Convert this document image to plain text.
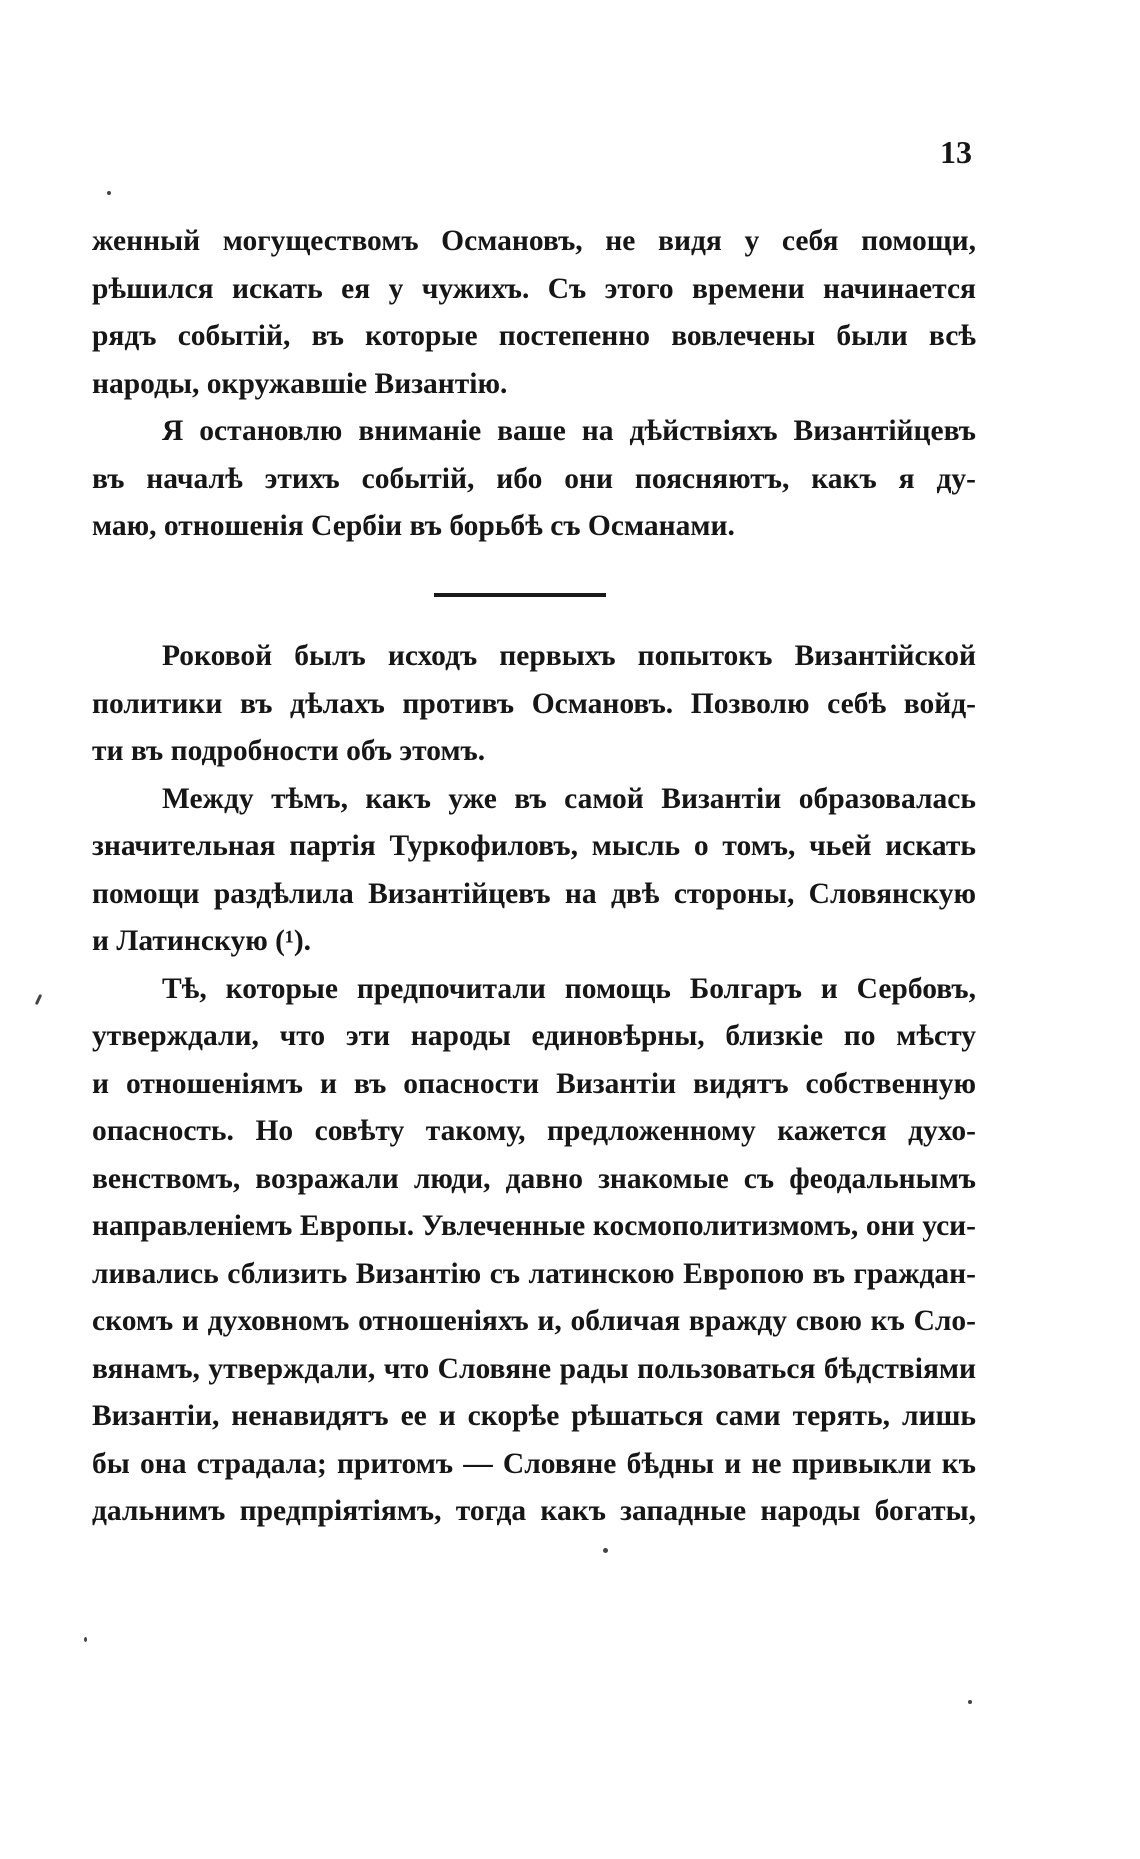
13
женный могуществомъ Османовъ, не видя у себя помощи,
рѣшился искать ея у чужихъ. Съ этого времени начинается
рядъ событій, въ которые постепенно вовлечены были всѣ
народы, окружавшіе Византію.
Я остановлю вниманіе ваше на дѣйствіяхъ Византійцевъ
въ началѣ этихъ событій, ибо они поясняютъ, какъ я ду-
маю, отношенія Сербіи въ борьбѣ съ Османами.
Роковой былъ исходъ первыхъ попытокъ Византійской
политики въ дѣлахъ противъ Османовъ. Позволю себѣ войд-
ти въ подробности объ этомъ.
Между тѣмъ, какъ уже въ самой Византіи образовалась
значительная партія Туркофиловъ, мысль о томъ, чьей искать
помощи раздѣлила Византійцевъ на двѣ стороны, Словянскую
и Латинскую (¹).
Тѣ, которые предпочитали помощь Болгаръ и Сербовъ,
утверждали, что эти народы единовѣрны, близкіе по мѣсту
и отношеніямъ и въ опасности Византіи видятъ собственную
опасность. Но совѣту такому, предложенному кажется духо-
венствомъ, возражали люди, давно знакомые съ феодальнымъ
направленіемъ Европы. Увлеченные космополитизмомъ, они уси-
ливались сблизить Византію съ латинскою Европою въ граждан-
скомъ и духовномъ отношеніяхъ и, обличая вражду свою къ Сло-
вянамъ, утверждали, что Словяне рады пользоваться бѣдствіями
Византіи, ненавидятъ ее и скорѣе рѣшаться сами терять, лишь
бы она страдала; притомъ — Словяне бѣдны и не привыкли къ
дальнимъ предпріятіямъ, тогда какъ западные народы богаты,
